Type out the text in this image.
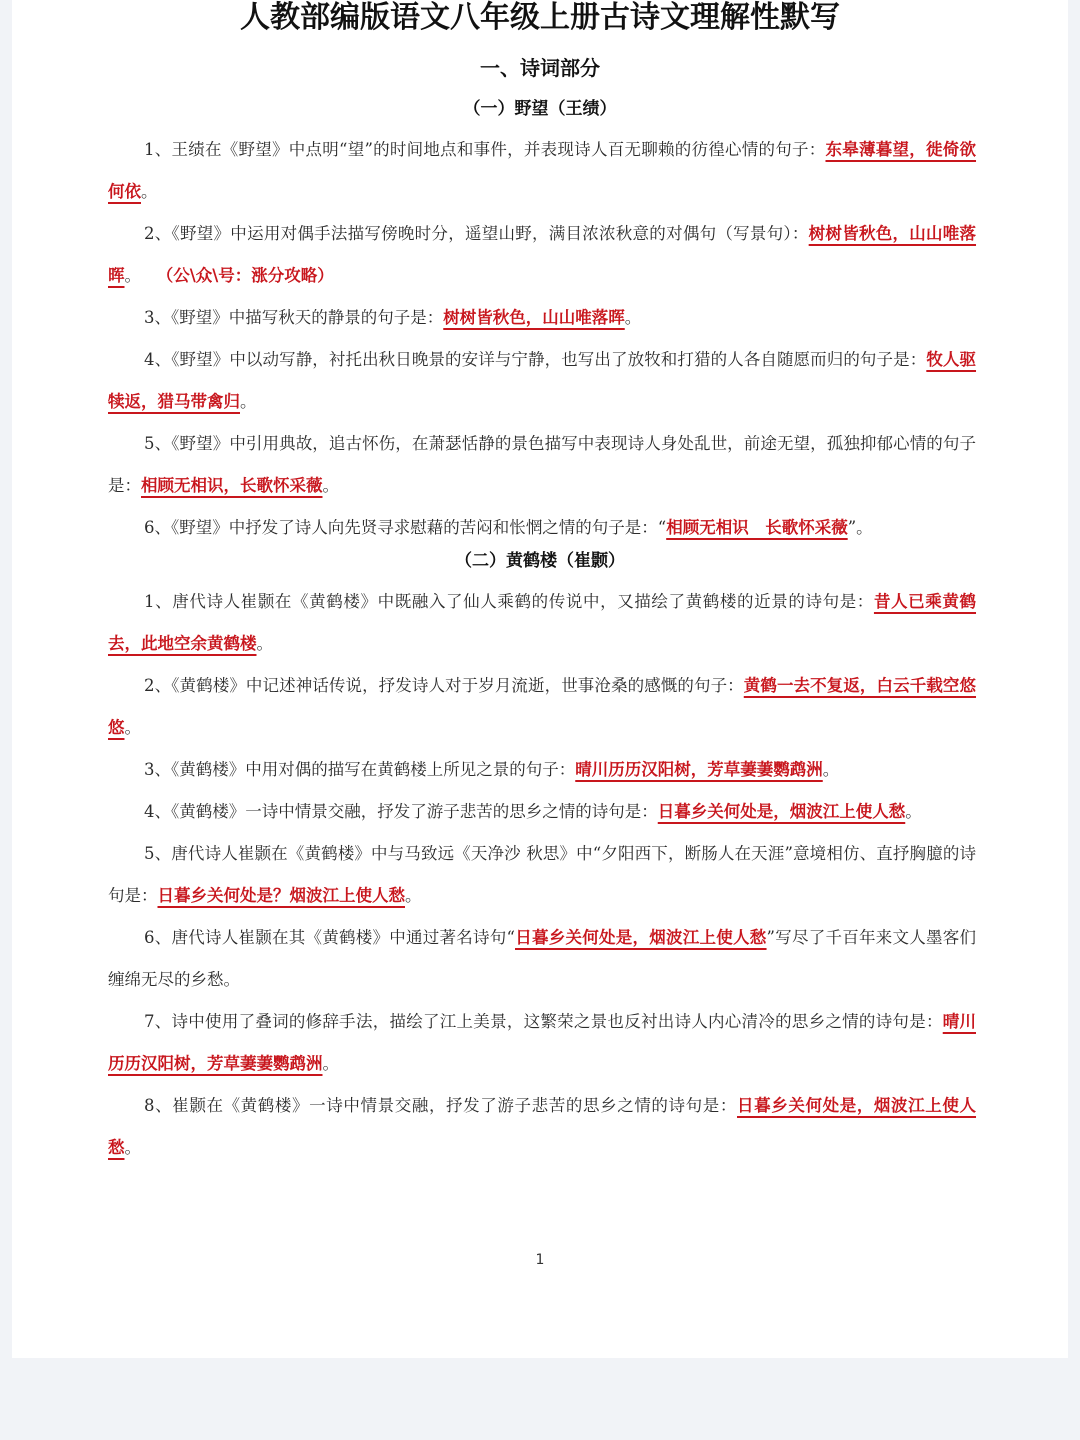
人教部编版语文八年级上册古诗文理解性默写
一、诗词部分
（一）野望（王绩）

1、王绩在《野望》中点明“望”的时间地点和事件，并表现诗人百无聊赖的彷徨心情的句子：东皋薄暮望，徙倚欲何依。

2、《野望》中运用对偶手法描写傍晚时分，遥望山野，满目浓浓秋意的对偶句（写景句）：树树皆秋色，山山唯落晖。 （公\众\号：涨分攻略）

3、《野望》中描写秋天的静景的句子是：树树皆秋色，山山唯落晖。

4、《野望》中以动写静，衬托出秋日晚景的安详与宁静，也写出了放牧和打猎的人各自随愿而归的句子是：牧人驱犊返，猎马带禽归。

5、《野望》中引用典故，追古怀伤，在萧瑟恬静的景色描写中表现诗人身处乱世，前途无望，孤独抑郁心情的句子是：相顾无相识，长歌怀采薇。

6、《野望》中抒发了诗人向先贤寻求慰藉的苦闷和怅惘之情的句子是：“相顾无相识　长歌怀采薇”。

（二）黄鹤楼（崔颢）

1、唐代诗人崔颢在《黄鹤楼》中既融入了仙人乘鹤的传说中，又描绘了黄鹤楼的近景的诗句是：昔人已乘黄鹤去，此地空余黄鹤楼。

2、《黄鹤楼》中记述神话传说，抒发诗人对于岁月流逝，世事沧桑的感慨的句子：黄鹤一去不复返，白云千载空悠悠。

3、《黄鹤楼》中用对偶的描写在黄鹤楼上所见之景的句子：晴川历历汉阳树，芳草萋萋鹦鹉洲。

4、《黄鹤楼》一诗中情景交融，抒发了游子悲苦的思乡之情的诗句是：日暮乡关何处是，烟波江上使人愁。

5、唐代诗人崔颢在《黄鹤楼》中与马致远《天净沙 秋思》中“夕阳西下，断肠人在天涯”意境相仿、直抒胸臆的诗句是：日暮乡关何处是？烟波江上使人愁。

6、唐代诗人崔颢在其《黄鹤楼》中通过著名诗句“日暮乡关何处是，烟波江上使人愁”写尽了千百年来文人墨客们缠绵无尽的乡愁。

7、诗中使用了叠词的修辞手法，描绘了江上美景，这繁荣之景也反衬出诗人内心清冷的思乡之情的诗句是：晴川历历汉阳树，芳草萋萋鹦鹉洲。

8、崔颢在《黄鹤楼》一诗中情景交融，抒发了游子悲苦的思乡之情的诗句是：日暮乡关何处是，烟波江上使人愁。

1
